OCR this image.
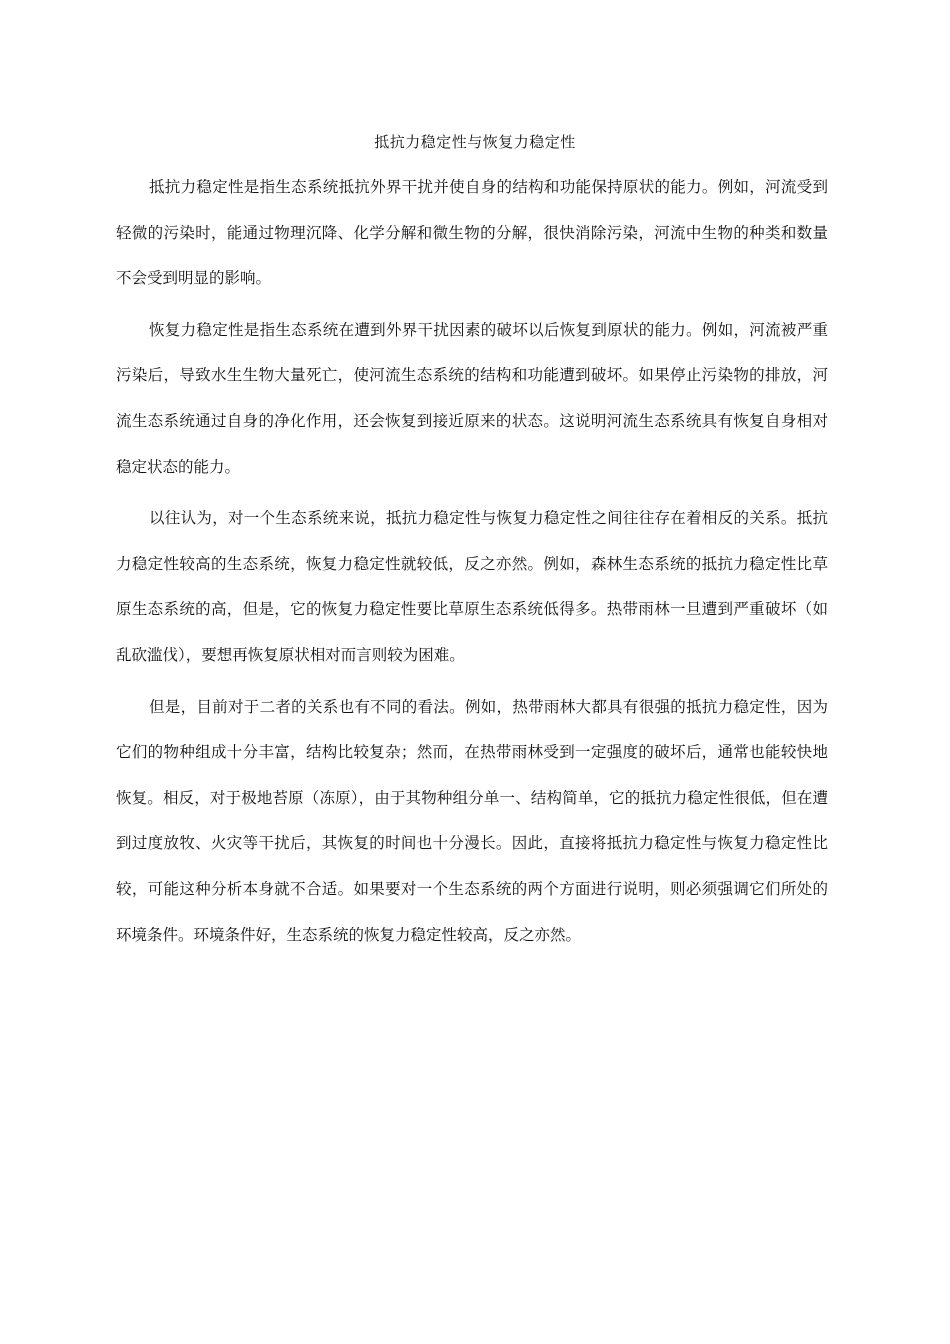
抵抗力稳定性与恢复力稳定性

抵抗力稳定性是指生态系统抵抗外界干扰并使自身的结构和功能保持原状的能力。例如，河流受到轻微的污染时，能通过物理沉降、化学分解和微生物的分解，很快消除污染，河流中生物的种类和数量不会受到明显的影响。

恢复力稳定性是指生态系统在遭到外界干扰因素的破坏以后恢复到原状的能力。例如，河流被严重污染后，导致水生生物大量死亡，使河流生态系统的结构和功能遭到破坏。如果停止污染物的排放，河流生态系统通过自身的净化作用，还会恢复到接近原来的状态。这说明河流生态系统具有恢复自身相对稳定状态的能力。

以往认为，对一个生态系统来说，抵抗力稳定性与恢复力稳定性之间往往存在着相反的关系。抵抗力稳定性较高的生态系统，恢复力稳定性就较低，反之亦然。例如，森林生态系统的抵抗力稳定性比草原生态系统的高，但是，它的恢复力稳定性要比草原生态系统低得多。热带雨林一旦遭到严重破坏（如乱砍滥伐），要想再恢复原状相对而言则较为困难。

但是，目前对于二者的关系也有不同的看法。例如，热带雨林大都具有很强的抵抗力稳定性，因为它们的物种组成十分丰富，结构比较复杂；然而，在热带雨林受到一定强度的破坏后，通常也能较快地恢复。相反，对于极地苔原（冻原），由于其物种组分单一、结构简单，它的抵抗力稳定性很低，但在遭到过度放牧、火灾等干扰后，其恢复的时间也十分漫长。因此，直接将抵抗力稳定性与恢复力稳定性比较，可能这种分析本身就不合适。如果要对一个生态系统的两个方面进行说明，则必须强调它们所处的环境条件。环境条件好，生态系统的恢复力稳定性较高，反之亦然。
